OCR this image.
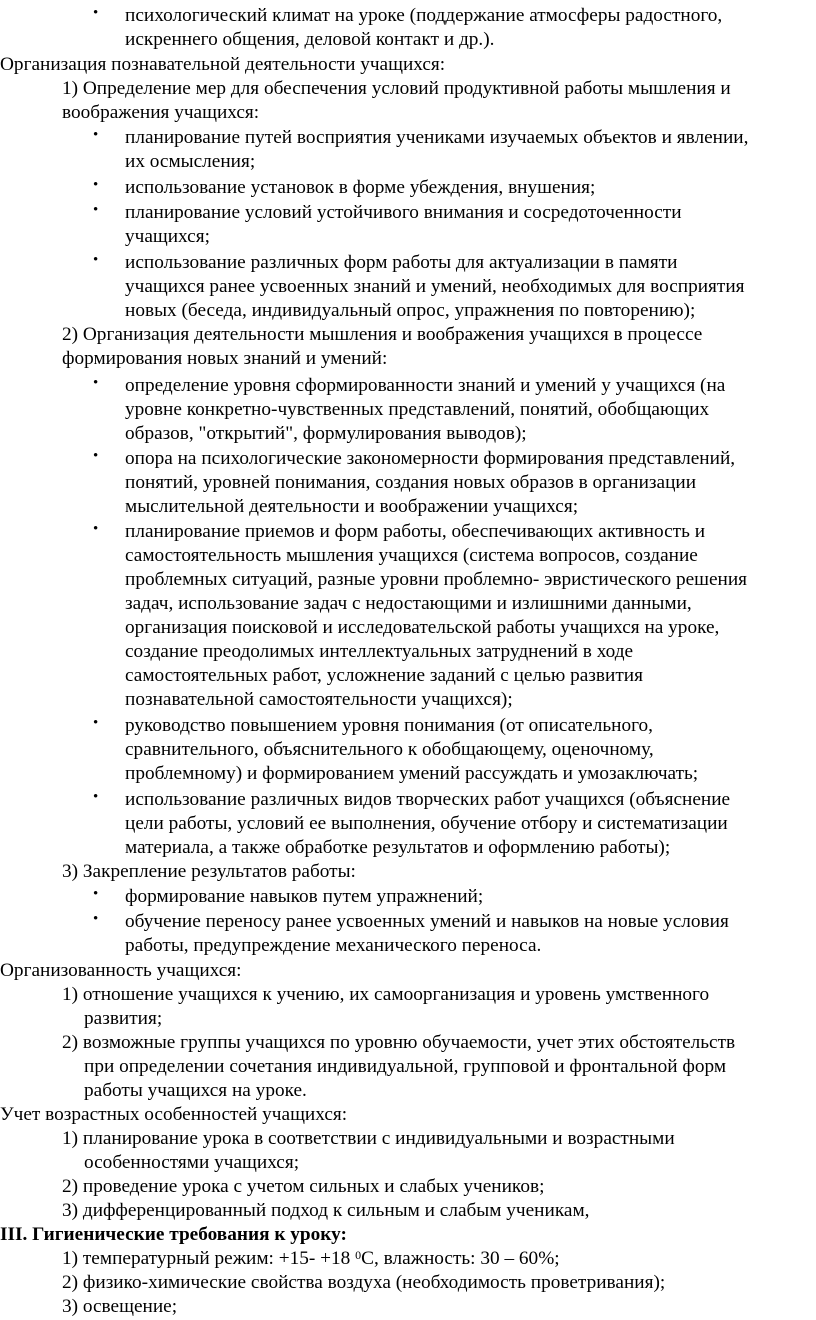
• психологический климат на уроке (поддержание атмосферы радостного,
искреннего общения, деловой контакт и др.).
Организация познавательной деятельности учащихся:
1) Определение мер для обеспечения условий продуктивной работы мышления и
воображения учащихся:
• планирование путей восприятия учениками изучаемых объектов и явлении,
их осмысления;
• использование установок в форме убеждения, внушения;
• планирование условий устойчивого внимания и сосредоточенности
учащихся;
• использование различных форм работы для актуализации в памяти
учащихся ранее усвоенных знаний и умений, необходимых для восприятия
новых (беседа, индивидуальный опрос, упражнения по повторению);
2) Организация деятельности мышления и воображения учащихся в процессе
формирования новых знаний и умений:
• определение уровня сформированности знаний и умений у учащихся (на
уровне конкретно-чувственных представлений, понятий, обобщающих
образов, "открытий", формулирования выводов);
• опора на психологические закономерности формирования представлений,
понятий, уровней понимания, создания новых образов в организации
мыслительной деятельности и воображении учащихся;
• планирование приемов и форм работы, обеспечивающих активность и
самостоятельность мышления учащихся (система вопросов, создание
проблемных ситуаций, разные уровни проблемно- эвристического решения
задач, использование задач с недостающими и излишними данными,
организация поисковой и исследовательской работы учащихся на уроке,
создание преодолимых интеллектуальных затруднений в ходе
самостоятельных работ, усложнение заданий с целью развития
познавательной самостоятельности учащихся);
• руководство повышением уровня понимания (от описательного,
сравнительного, объяснительного к обобщающему, оценочному,
проблемному) и формированием умений рассуждать и умозаключать;
• использование различных видов творческих работ учащихся (объяснение
цели работы, условий ее выполнения, обучение отбору и систематизации
материала, а также обработке результатов и оформлению работы);
3) Закрепление результатов работы:
• формирование навыков путем упражнений;
• обучение переносу ранее усвоенных умений и навыков на новые условия
работы, предупреждение механического переноса.
Организованность учащихся:
1) отношение учащихся к учению, их самоорганизация и уровень умственного
развития;
2) возможные группы учащихся по уровню обучаемости, учет этих обстоятельств
при определении сочетания индивидуальной, групповой и фронтальной форм
работы учащихся на уроке.
Учет возрастных особенностей учащихся:
1) планирование урока в соответствии с индивидуальными и возрастными
особенностями учащихся;
2) проведение урока с учетом сильных и слабых учеников;
3) дифференцированный подход к сильным и слабым ученикам,
III. Гигиенические требования к уроку:
1) температурный режим: +15- +18 $^0$С, влажность: 30 – 60%;
2) физико-химические свойства воздуха (необходимость проветривания);
3) освещение;
